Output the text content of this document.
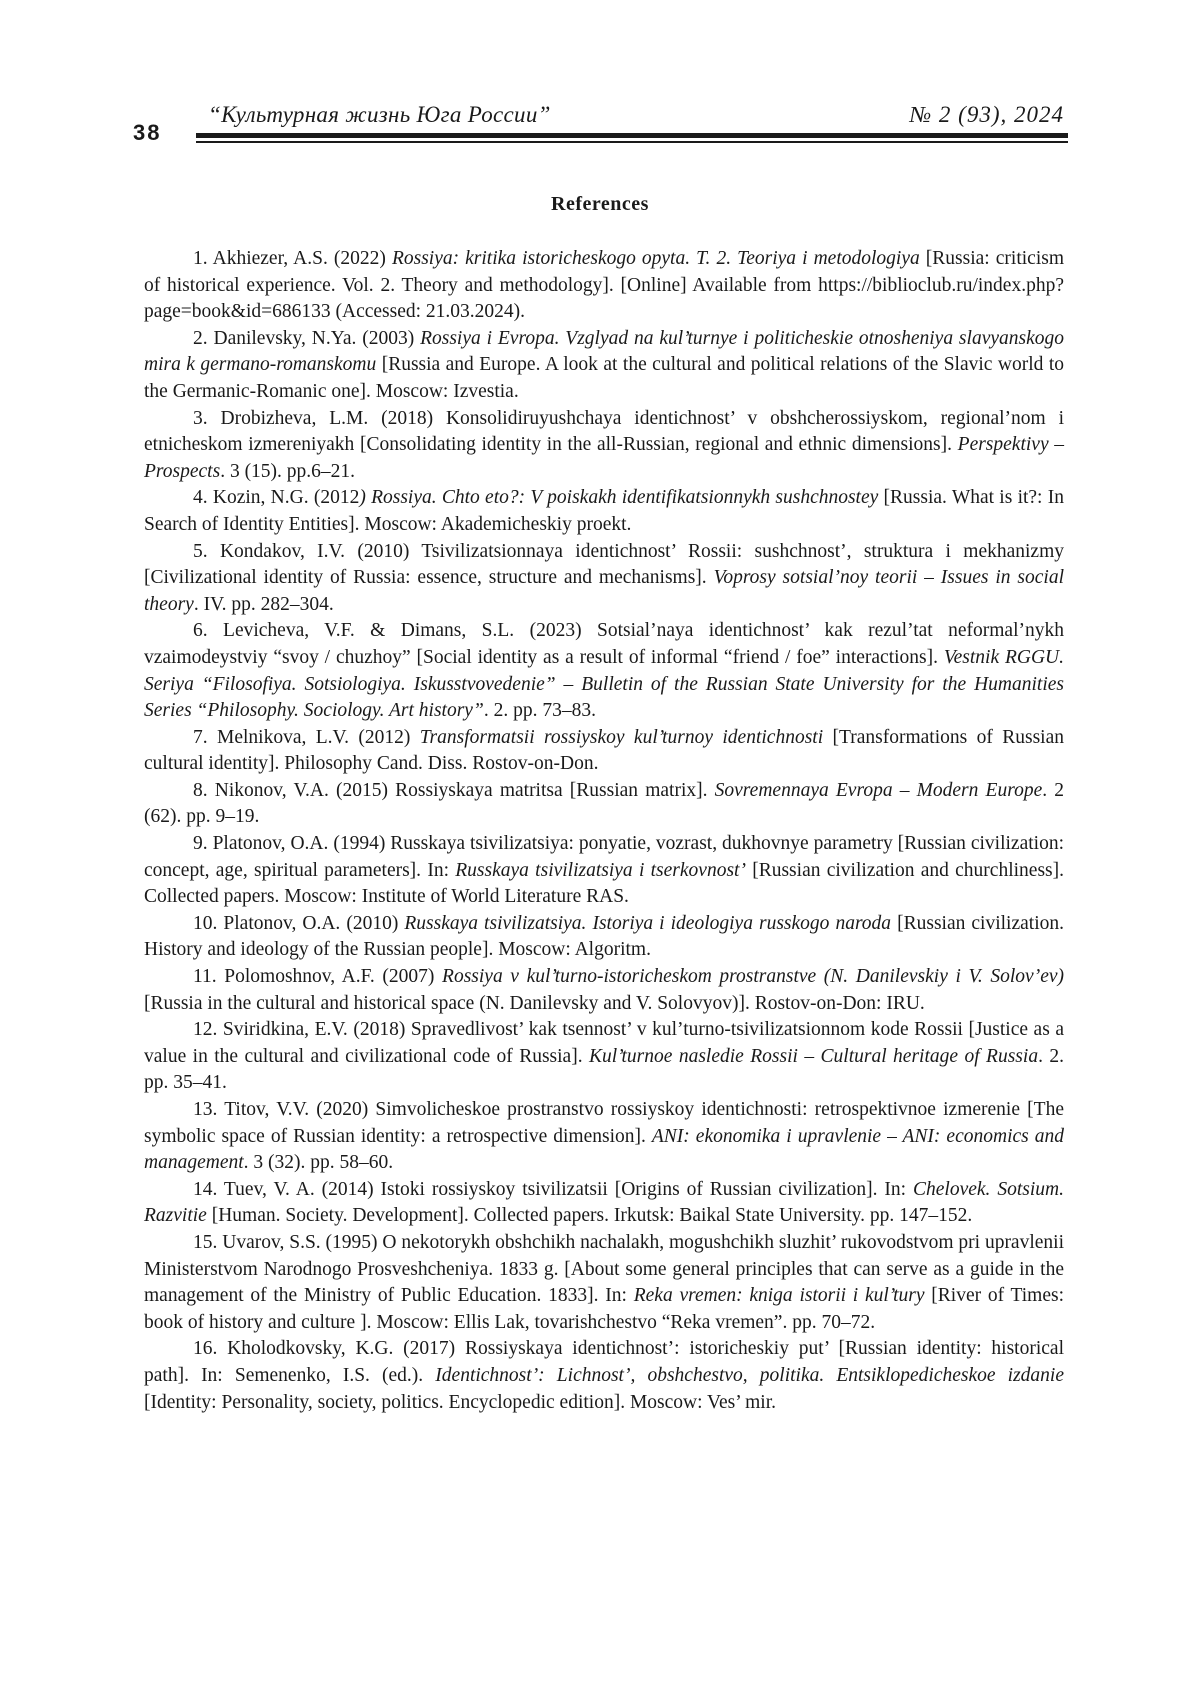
38
“Культурная жизнь Юга России”	№ 2 (93), 2024
References
1. Akhiezer, A.S. (2022) Rossiya: kritika istoricheskogo opyta. T. 2. Teoriya i metodologiya [Russia: criticism of historical experience. Vol. 2. Theory and methodology]. [Online] Available from https://biblioclub.ru/index.php?page=book&id=686133 (Accessed: 21.03.2024).
2. Danilevsky, N.Ya. (2003) Rossiya i Evropa. Vzglyad na kul’turnye i politicheskie otnosheniya slavyanskogo mira k germano-romanskomu [Russia and Europe. A look at the cultural and political relations of the Slavic world to the Germanic-Romanic one]. Moscow: Izvestia.
3. Drobizheva, L.M. (2018) Konsolidiruyushchaya identichnost’ v obshcherossiyskom, regional’nom i etnicheskom izmereniyakh [Consolidating identity in the all-Russian, regional and ethnic dimensions]. Perspektivy – Prospects. 3 (15). pp.6–21.
4. Kozin, N.G. (2012) Rossiya. Chto eto?: V poiskakh identifikatsionnykh sushchnostey [Russia. What is it?: In Search of Identity Entities]. Moscow: Akademicheskiy proekt.
5. Kondakov, I.V. (2010) Tsivilizatsionnaya identichnost’ Rossii: sushchnost’, struktura i mekhanizmy [Civilizational identity of Russia: essence, structure and mechanisms]. Voprosy sotsial’noy teorii – Issues in social theory. IV. pp. 282–304.
6. Levicheva, V.F. & Dimans, S.L. (2023) Sotsial’naya identichnost’ kak rezul’tat neformal’nykh vzaimodeystviy “svoy / chuzhoy” [Social identity as a result of informal “friend / foe” interactions]. Vestnik RGGU. Seriya “Filosofiya. Sotsiologiya. Iskusstvovedenie” – Bulletin of the Russian State University for the Humanities Series “Philosophy. Sociology. Art history”. 2. pp. 73–83.
7. Melnikova, L.V. (2012) Transformatsii rossiyskoy kul’turnoy identichnosti [Transformations of Russian cultural identity]. Philosophy Cand. Diss. Rostov-on-Don.
8. Nikonov, V.A. (2015) Rossiyskaya matritsa [Russian matrix]. Sovremennaya Evropa – Modern Europe. 2 (62). pp. 9–19.
9. Platonov, O.A. (1994) Russkaya tsivilizatsiya: ponyatie, vozrast, dukhovnye parametry [Russian civilization: concept, age, spiritual parameters]. In: Russkaya tsivilizatsiya i tserkovnost’ [Russian civilization and churchliness]. Collected papers. Moscow: Institute of World Literature RAS.
10. Platonov, O.A. (2010) Russkaya tsivilizatsiya. Istoriya i ideologiya russkogo naroda [Russian civilization. History and ideology of the Russian people]. Moscow: Algoritm.
11. Polomoshnov, A.F. (2007) Rossiya v kul’turno-istoricheskom prostranstve (N. Danilevskiy i V. Solov’ev) [Russia in the cultural and historical space (N. Danilevsky and V. Solovyov)]. Rostov-on-Don: IRU.
12. Sviridkina, E.V. (2018) Spravedlivost’ kak tsennost’ v kul’turno-tsivilizatsionnom kode Rossii [Justice as a value in the cultural and civilizational code of Russia]. Kul’turnoe nasledie Rossii – Cultural heritage of Russia. 2. pp. 35–41.
13. Titov, V.V. (2020) Simvolicheskoe prostranstvo rossiyskoy identichnosti: retrospektivnoe izmerenie [The symbolic space of Russian identity: a retrospective dimension]. ANI: ekonomika i upravlenie – ANI: economics and management. 3 (32). pp. 58–60.
14. Tuev, V. A. (2014) Istoki rossiyskoy tsivilizatsii [Origins of Russian civilization]. In: Chelovek. Sotsium. Razvitie [Human. Society. Development]. Collected papers. Irkutsk: Baikal State University. pp. 147–152.
15. Uvarov, S.S. (1995) O nekotorykh obshchikh nachalakh, mogushchikh sluzhit’ rukovodstvom pri upravlenii Ministerstvom Narodnogo Prosveshcheniya. 1833 g. [About some general principles that can serve as a guide in the management of the Ministry of Public Education. 1833]. In: Reka vremen: kniga istorii i kul’tury [River of Times: book of history and culture ]. Moscow: Ellis Lak, tovarishchestvo “Reka vremen”. pp. 70–72.
16. Kholodkovsky, K.G. (2017) Rossiyskaya identichnost’: istoricheskiy put’ [Russian identity: historical path]. In: Semenenko, I.S. (ed.). Identichnost’: Lichnost’, obshchestvo, politika. Entsiklopedicheskoe izdanie [Identity: Personality, society, politics. Encyclopedic edition]. Moscow: Ves’ mir.
